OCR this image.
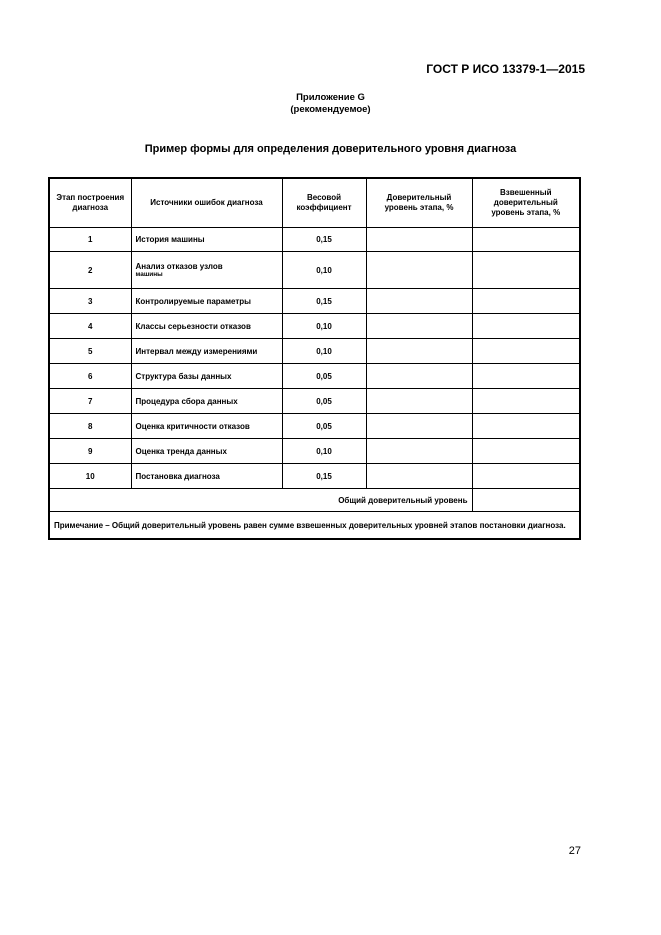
ГОСТ Р ИСО 13379-1—2015
Приложение G
(рекомендуемое)
Пример формы для определения доверительного уровня диагноза
Этап построения диагноза	Источники ошибок диагноза	Весовой коэффициент	Доверительный уровень этапа, %	Взвешенный доверительный уровень этапа, %
1	История машины	0,15		
2	Анализ отказов узлов
машины	0,10		
3	Контролируемые параметры	0,15		
4	Классы серьезности отказов	0,10		
5	Интервал между измерениями	0,10		
6	Структура базы данных	0,05		
7	Процедура сбора данных	0,05		
8	Оценка критичности отказов	0,05		
9	Оценка тренда данных	0,10		
10	Постановка диагноза	0,15		
Общий доверительный уровень				
Примечание – Общий доверительный уровень равен сумме взвешенных доверительных уровней этапов постановки диагноза.				
27
